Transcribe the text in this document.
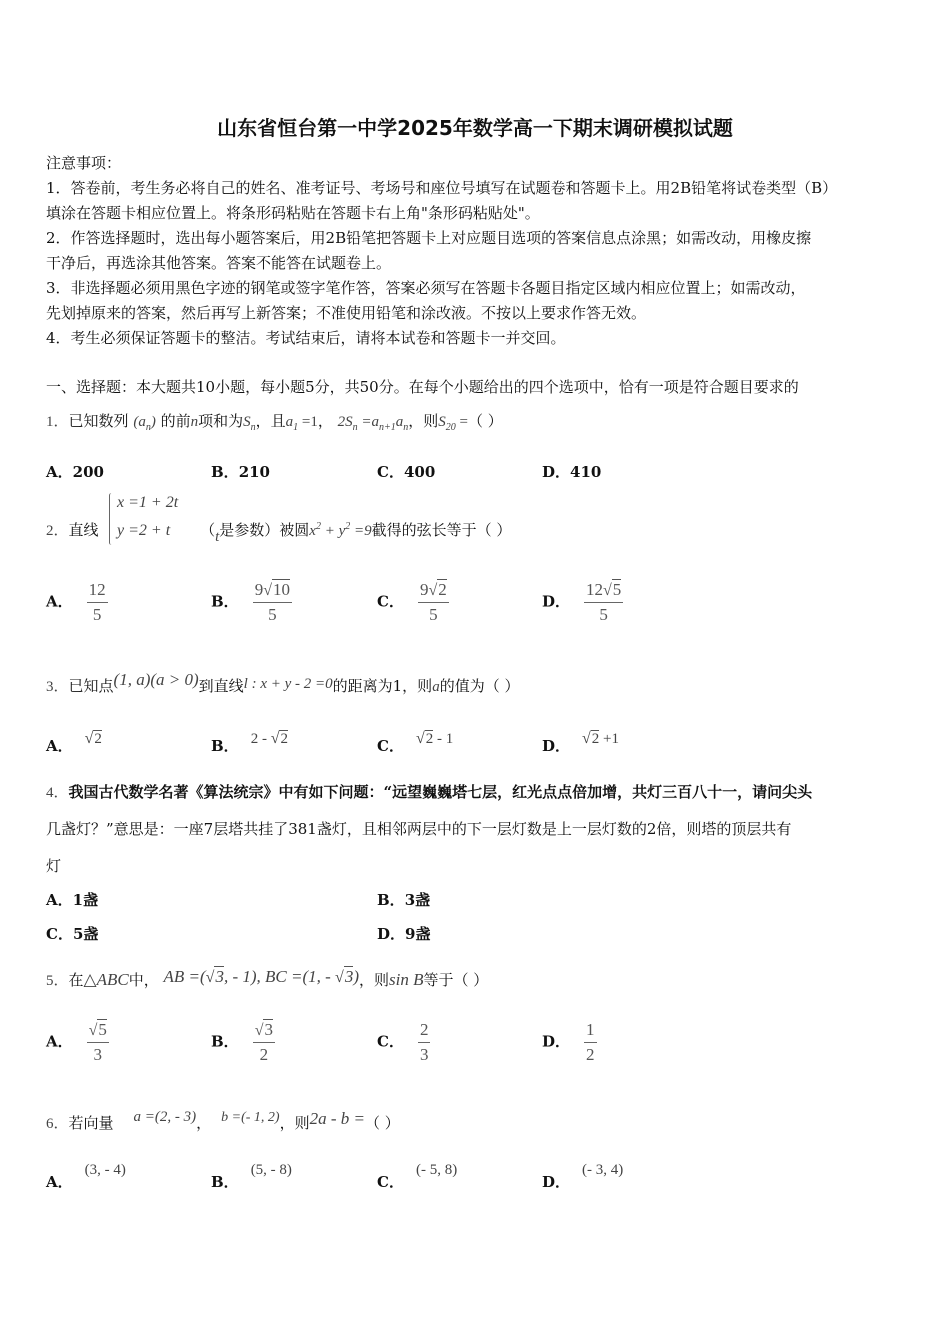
山东省恒台第一中学2025年数学高一下期末调研模拟试题
注意事项：
1．答卷前，考生务必将自己的姓名、准考证号、考场号和座位号填写在试题卷和答题卡上。用2B铅笔将试卷类型（B）
填涂在答题卡相应位置上。将条形码粘贴在答题卡右上角"条形码粘贴处"。
2．作答选择题时，选出每小题答案后，用2B铅笔把答题卡上对应题目选项的答案信息点涂黑；如需改动，用橡皮擦
干净后，再选涂其他答案。答案不能答在试题卷上。
3．非选择题必须用黑色字迹的钢笔或签字笔作答，答案必须写在答题卡各题目指定区域内相应位置上；如需改动，
先划掉原来的答案，然后再写上新答案；不准使用铅笔和涂改液。不按以上要求作答无效。
4．考生必须保证答题卡的整洁。考试结束后，请将本试卷和答题卡一并交回。
一、选择题：本大题共10小题，每小题5分，共50分。在每个小题给出的四个选项中，恰有一项是符合题目要求的
1．已知数列 $(a_n)$ 的前n项和为$S_n$，且$a_1 =1$， $2S_n =a_{n+1}a_n$，则$S_{20}$ =（ ）
A．200	B．210	C．400	D．410
2．直线	（t是参数）被圆$x^2 + y^2 =9$截得的弦长等于（ ）
x =1 + 2t
y =2 + t
A． $\frac{12}{5}$	B． $\frac{9√10}{5}$	C． $\frac{9√2}{5}$	D． $\frac{12√5}{5}$
3．已知点(1, a)(a > 0)到直线l : x + y - 2 =0的距离为1，则a的值为（ ）
A． √2	B． 2 - √2	C． √2 - 1	D． √2 +1
4．我国古代数学名著《算法统宗》中有如下问题：“远望巍巍塔七层，红光点点倍加增，共灯三百八十一，请问尖头
几盏灯？”意思是：一座7层塔共挂了381盏灯，且相邻两层中的下一层灯数是上一层灯数的2倍，则塔的顶层共有
灯
A．1盏	B．3盏
C．5盏	D．9盏
5．在△ABC中， AB =(√3, - 1), BC =(1, - √3)，则sin B等于（ ）
A． $\frac{√5}{3}$	B． $\frac{√3}{2}$	C． $\frac{2}{3}$	D． $\frac{1}{2}$
6．若向量 a =(2, - 3)， b =(- 1, 2)，则2a - b =（ ）
A．(3, - 4)
B．(5, - 8)
C．(- 5, 8)
D．(- 3, 4)
